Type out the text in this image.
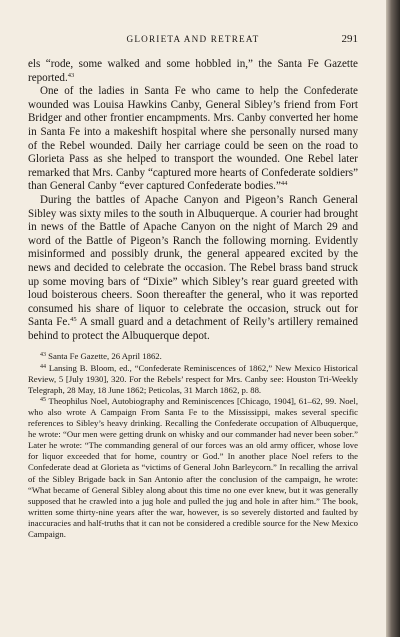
GLORIETA AND RETREAT	291

els “rode, some walked and some hobbled in,” the Santa Fe Gazette reported.$^{43}$

One of the ladies in Santa Fe who came to help the Confederate wounded was Louisa Hawkins Canby, General Sibley’s friend from Fort Bridger and other frontier encampments. Mrs. Canby converted her home in Santa Fe into a makeshift hospital where she personally nursed many of the Rebel wounded. Daily her carriage could be seen on the road to Glorieta Pass as she helped to transport the wounded. One Rebel later remarked that Mrs. Canby “captured more hearts of Confederate soldiers” than General Canby “ever captured Confederate bodies.”$^{44}$

During the battles of Apache Canyon and Pigeon’s Ranch General Sibley was sixty miles to the south in Albuquerque. A courier had brought in news of the Battle of Apache Canyon on the night of March 29 and word of the Battle of Pigeon’s Ranch the following morning. Evidently misinformed and possibly drunk, the general appeared excited by the news and decided to celebrate the occasion. The Rebel brass band struck up some moving bars of “Dixie” which Sibley’s rear guard greeted with loud boisterous cheers. Soon thereafter the general, who it was reported consumed his share of liquor to celebrate the occasion, struck out for Santa Fe.$^{45}$ A small guard and a detachment of Reily’s artillery remained behind to protect the Albuquerque depot.

$^{43}$ Santa Fe Gazette, 26 April 1862.

$^{44}$ Lansing B. Bloom, ed., “Confederate Reminiscences of 1862,” New Mexico Historical Review, 5 [July 1930], 320. For the Rebels’ respect for Mrs. Canby see: Houston Tri-Weekly Telegraph, 28 May, 18 June 1862; Peticolas, 31 March 1862, p. 88.

$^{45}$ Theophilus Noel, Autobiography and Reminiscences [Chicago, 1904], 61–62, 99. Noel, who also wrote A Campaign From Santa Fe to the Mississippi, makes several specific references to Sibley’s heavy drinking. Recalling the Confederate occupation of Albuquerque, he wrote: “Our men were getting drunk on whisky and our commander had never been sober.” Later he wrote: “The commanding general of our forces was an old army officer, whose love for liquor exceeded that for home, country or God.” In another place Noel refers to the Confederate dead at Glorieta as “victims of General John Barleycorn.” In recalling the arrival of the Sibley Brigade back in San Antonio after the conclusion of the campaign, he wrote: “What became of General Sibley along about this time no one ever knew, but it was generally supposed that he crawled into a jug hole and pulled the jug and hole in after him.” The book, written some thirty-nine years after the war, however, is so severely distorted and faulted by inaccuracies and half-truths that it can not be considered a credible source for the New Mexico Campaign.
